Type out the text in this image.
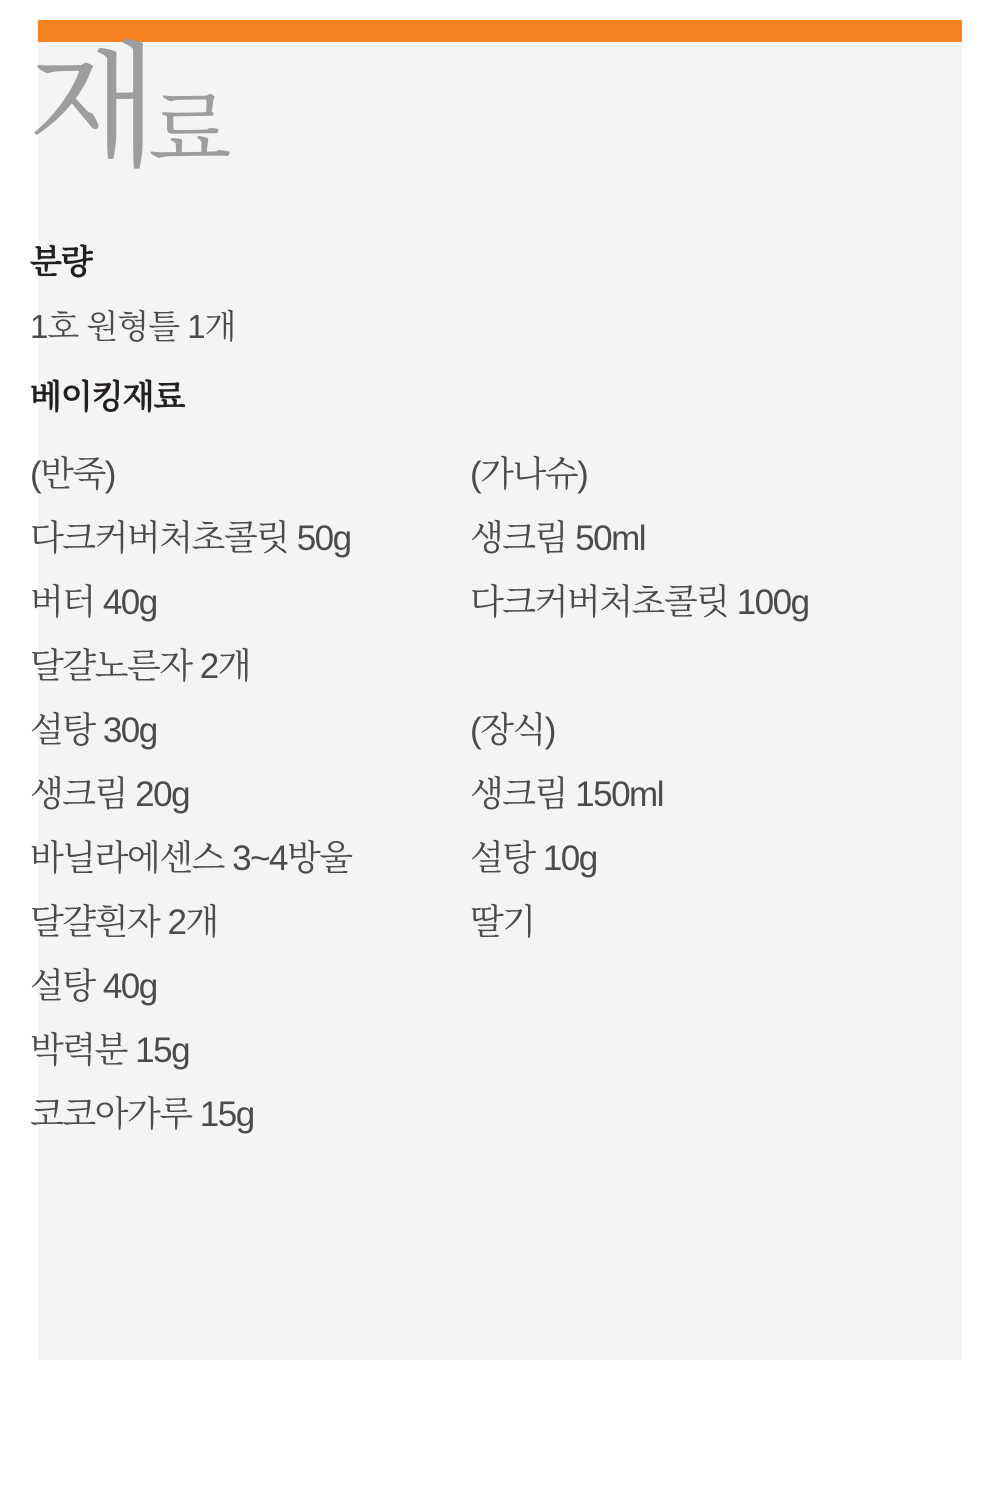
재료
분량
1호 원형틀 1개
베이킹재료
(반죽)
다크커버처초콜릿 50g
버터 40g
달걀노른자 2개
설탕 30g
생크림 20g
바닐라에센스 3~4방울
달걀흰자 2개
설탕 40g
박력분 15g
코코아가루 15g
(가나슈)
생크림 50ml
다크커버처초콜릿 100g
(장식)
생크림 150ml
설탕 10g
딸기
